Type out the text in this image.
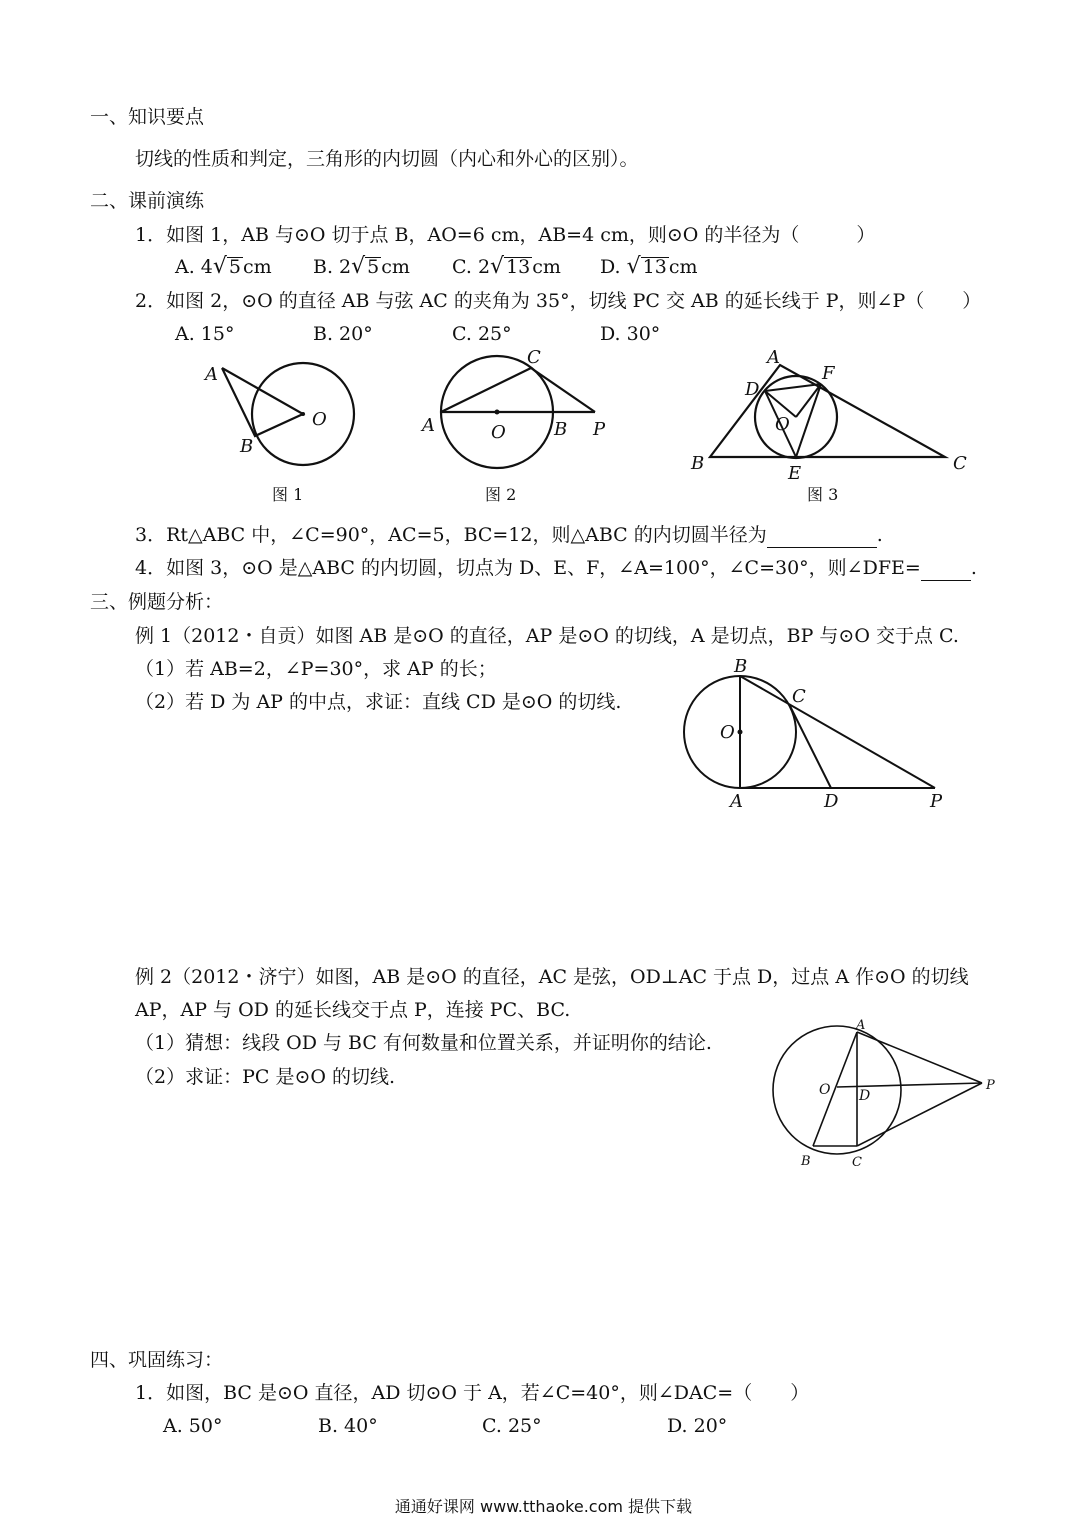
一、知识要点
切线的性质和判定，三角形的内切圆（内心和外心的区别）。
二、课前演练
1．如图 1，AB 与⊙O 切于点 B，AO=6 cm，AB=4 cm，则⊙O 的半径为（　　　）
A. 4√ 5 cm B. 2√ 5 cm C. 2√ 13 cm D. √ 13 cm
2．如图 2，⊙O 的直径 AB 与弦 AC 的夹角为 35°，切线 PC 交 AB 的延长线于 P，则∠P（　　）
A. 15°	B. 20°	C. 25°	D. 30°
A
B
O
图 1
A	O	B
C
P
图 2
A
D
F
O
B	E	C
图 3
3．Rt△ABC 中，∠C=90°，AC=5，BC=12，则△ABC 的内切圆半径为	.
4．如图 3，⊙O 是△ABC 的内切圆，切点为 D、E、F，∠A=100°，∠C=30°，则∠DFE=	.
三、例题分析：
例 1（2012・自贡）如图 AB 是⊙O 的直径，AP 是⊙O 的切线，A 是切点，BP 与⊙O 交于点 C.
（1）若 AB=2，∠P=30°，求 AP 的长；
（2）若 D 为 AP 的中点，求证：直线 CD 是⊙O 的切线.
B
C
O
A	D	P
例 2（2012・济宁）如图，AB 是⊙O 的直径，AC 是弦，OD⊥AC 于点 D，过点 A 作⊙O 的切线
AP，AP 与 OD 的延长线交于点 P，连接 PC、BC.
（1）猜想：线段 OD 与 BC 有何数量和位置关系，并证明你的结论.
（2）求证：PC 是⊙O 的切线.
A
O D
P
B	C
四、巩固练习：
1．如图，BC 是⊙O 直径，AD 切⊙O 于 A，若∠C=40°，则∠DAC=（　　）
A. 50°	B. 40°	C. 25°	D. 20°
通通好课网 www.tthaoke.com 提供下载
